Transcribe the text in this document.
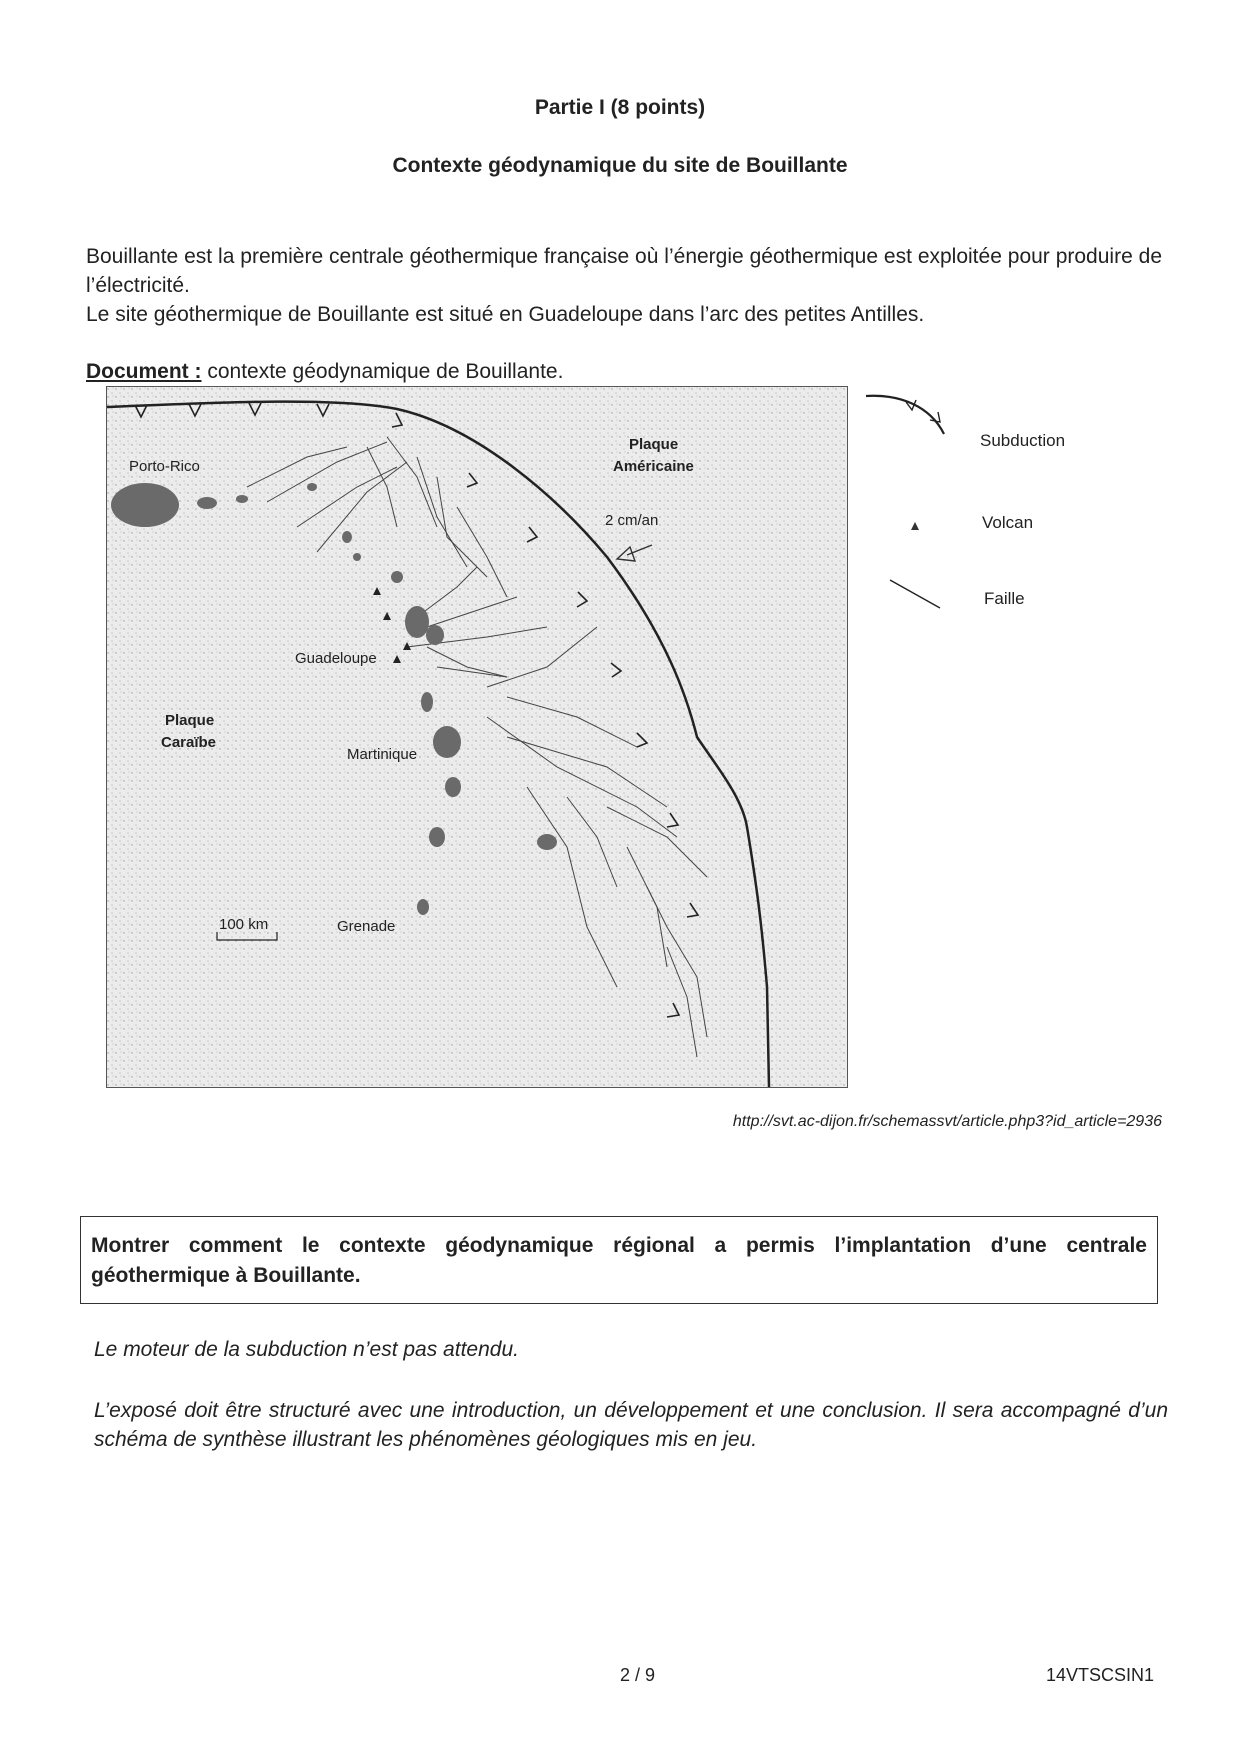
Partie I (8 points)
Contexte géodynamique du site de Bouillante

Bouillante est la première centrale géothermique française où l’énergie géothermique est exploitée pour produire de l’électricité.

Le site géothermique de Bouillante est situé en Guadeloupe dans l’arc des petites Antilles.

Document : contexte géodynamique de Bouillante.
Porto-Rico
Plaque
Américaine
2 cm/an
Guadeloupe
Plaque
Caraïbe
Martinique
Grenade
100 km
Subduction
Volcan
Faille
http://svt.ac-dijon.fr/schemassvt/article.php3?id_article=2936
Montrer comment le contexte géodynamique régional a permis l’implantation d’une centrale géothermique à Bouillante.
Le moteur de la subduction n’est pas attendu.
L’exposé doit être structuré avec une introduction, un développement et une conclusion. Il sera accompagné d’un schéma de synthèse illustrant les phénomènes géologiques mis en jeu.
2 / 9	14VTSCSIN1
